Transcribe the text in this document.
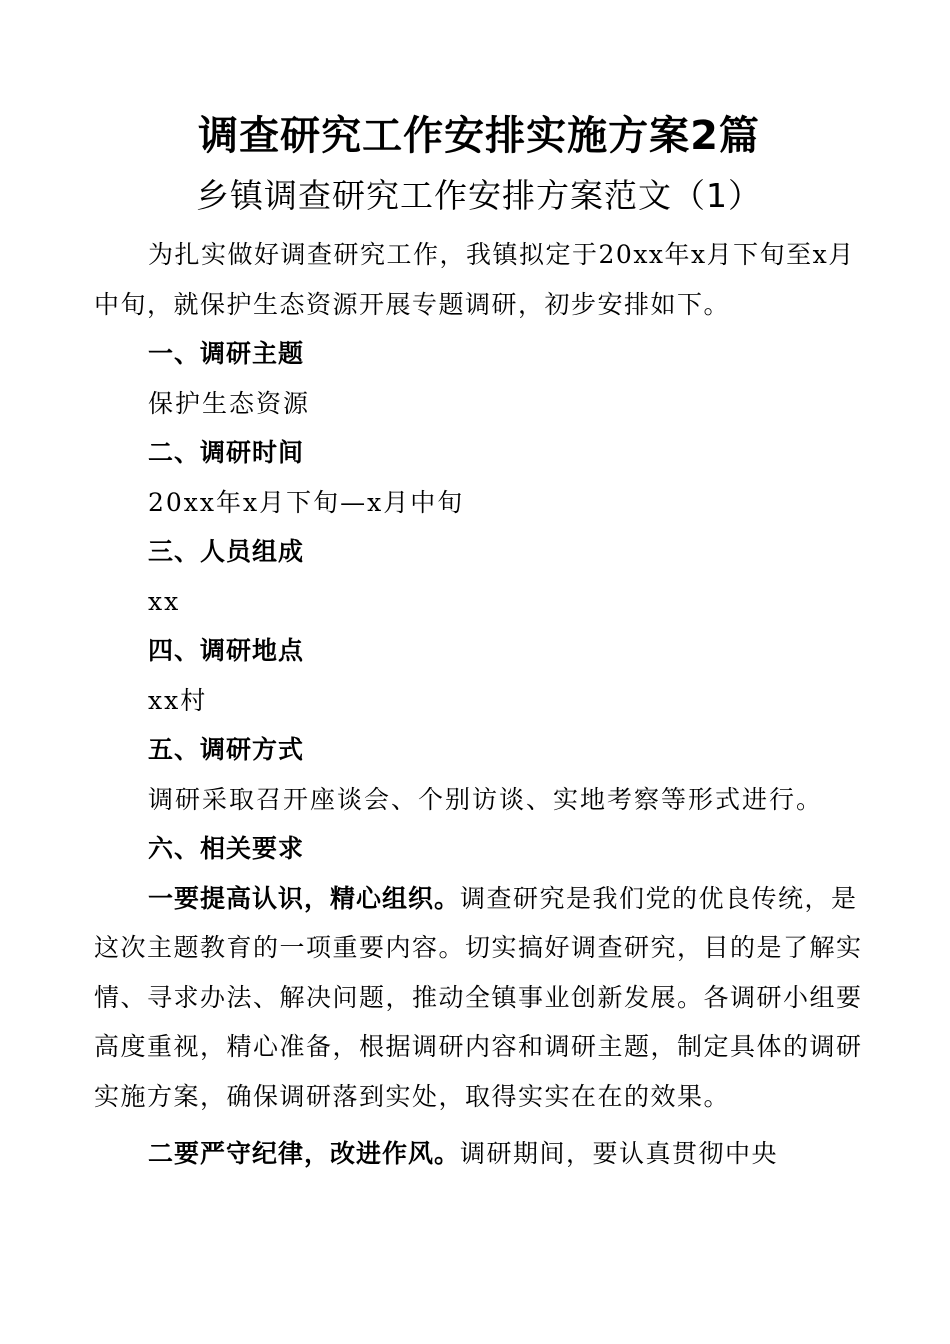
调查研究工作安排实施方案2篇
乡镇调查研究工作安排方案范文（1）

为扎实做好调查研究工作，我镇拟定于20xx年x月下旬至x月中旬，就保护生态资源开展专题调研，初步安排如下。

一、调研主题

保护生态资源

二、调研时间

20xx年x月下旬—x月中旬

三、人员组成

xx

四、调研地点

xx村

五、调研方式

调研采取召开座谈会、个别访谈、实地考察等形式进行。

六、相关要求

一要提高认识，精心组织。调查研究是我们党的优良传统，是这次主题教育的一项重要内容。切实搞好调查研究，目的是了解实情、寻求办法、解决问题，推动全镇事业创新发展。各调研小组要高度重视，精心准备，根据调研内容和调研主题，制定具体的调研实施方案，确保调研落到实处，取得实实在在的效果。

二要严守纪律，改进作风。调研期间，要认真贯彻中央
